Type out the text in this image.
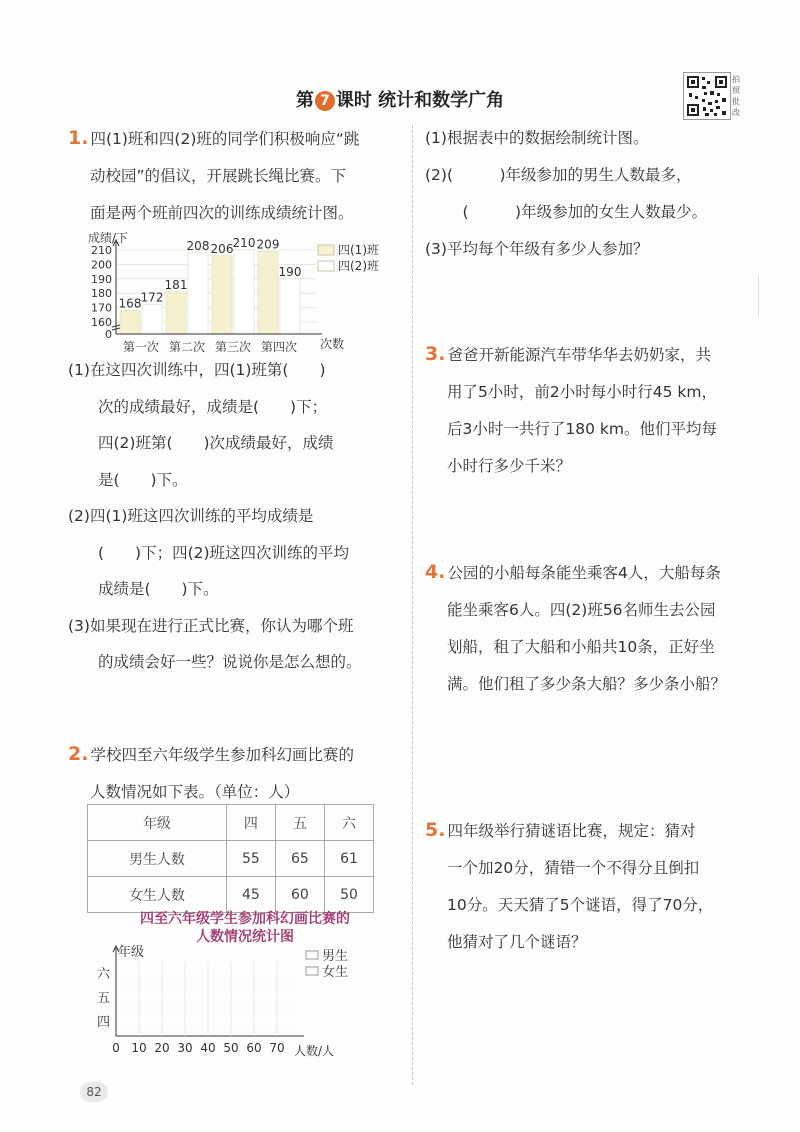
第 7 课时 统计和数学广角
拍照批改
1. 四(1)班和四(2)班的同学们积极响应“跳
动校园”的倡议，开展跳长绳比赛。下
面是两个班前四次的训练成绩统计图。
0
160
170
180
190
200
210
第一次 第二次 第三次 第四次
168 172
181
208 206 210 209
190
四(1)班
四(2)班
成绩/下
次数
(1)在这四次训练中，四(1)班第(　　)
次的成绩最好，成绩是(　　)下；
四(2)班第(　　)次成绩最好，成绩
是(　　)下。
(2)四(1)班这四次训练的平均成绩是
(　　)下；四(2)班这四次训练的平均
成绩是(　　)下。
(3)如果现在进行正式比赛，你认为哪个班
的成绩会好一些？说说你是怎么想的。
2. 学校四至六年级学生参加科幻画比赛的
人数情况如下表。（单位：人）
年级	四	五	六
男生人数	55	65	61
女生人数	45	60	50
四至六年级学生参加科幻画比赛的
人数情况统计图
0 10 20 30 40 50 60 70
六
五
四
男生
女生
年级
人数/人
(1)根据表中的数据绘制统计图。
(2)(　　　)年级参加的男生人数最多，
　(　　　)年级参加的女生人数最少。
(3)平均每个年级有多少人参加？
3. 爸爸开新能源汽车带华华去奶奶家，共
用了5小时，前2小时每小时行45 km，
后3小时一共行了180 km。他们平均每
小时行多少千米？
4. 公园的小船每条能坐乘客4人，大船每条
能坐乘客6人。四(2)班56名师生去公园
划船，租了大船和小船共10条，正好坐
满。他们租了多少条大船？多少条小船？
5. 四年级举行猜谜语比赛，规定：猜对
一个加20分，猜错一个不得分且倒扣
10分。天天猜了5个谜语，得了70分，
他猜对了几个谜语？
82
